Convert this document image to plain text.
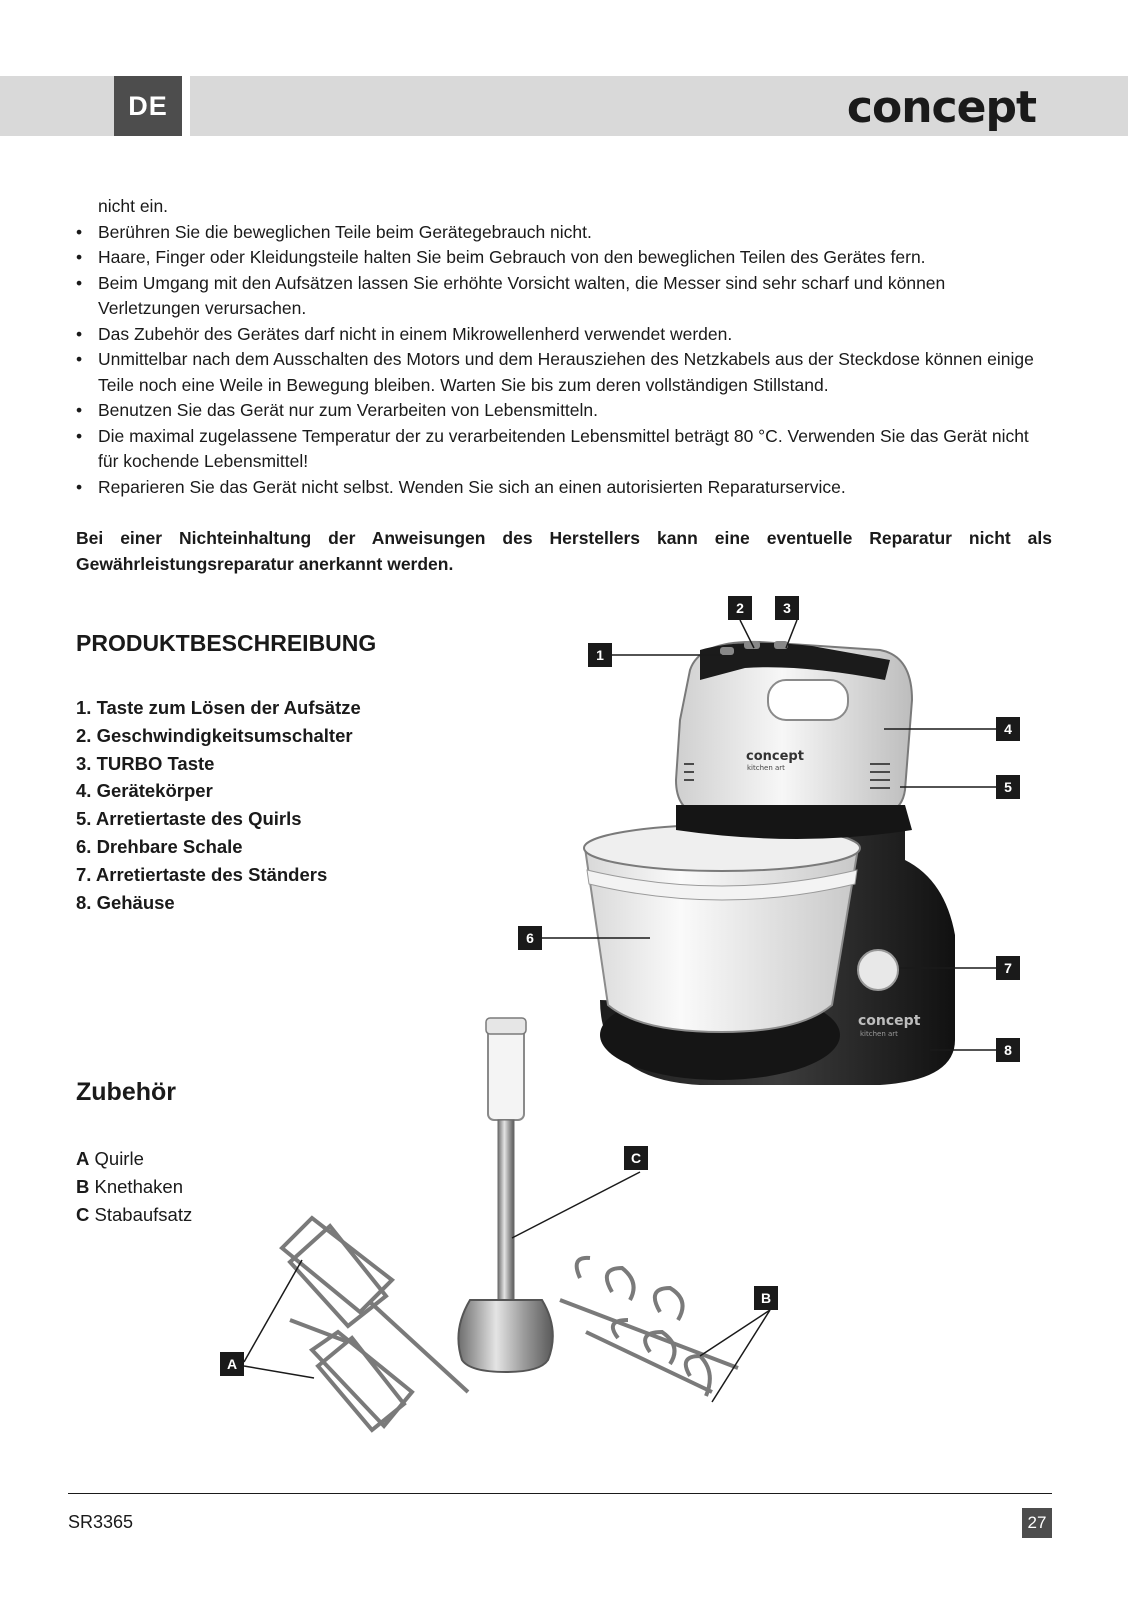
DE	concept
nicht ein.
• Berühren Sie die beweglichen Teile beim Gerätegebrauch nicht.
• Haare, Finger oder Kleidungsteile halten Sie beim Gebrauch von den beweglichen Teilen des Gerätes fern.
• Beim Umgang mit den Aufsätzen lassen Sie erhöhte Vorsicht walten, die Messer sind sehr scharf und können Verletzungen verursachen.
• Das Zubehör des Gerätes darf nicht in einem Mikrowellenherd verwendet werden.
• Unmittelbar nach dem Ausschalten des Motors und dem Herausziehen des Netzkabels aus der Steckdose können einige Teile noch eine Weile in Bewegung bleiben. Warten Sie bis zum deren vollständigen Stillstand.
• Benutzen Sie das Gerät nur zum Verarbeiten von Lebensmitteln.
• Die maximal zugelassene Temperatur der zu verarbeitenden Lebensmittel beträgt 80 °C. Verwenden Sie das Gerät nicht für kochende Lebensmittel!
• Reparieren Sie das Gerät nicht selbst. Wenden Sie sich an einen autorisierten Reparaturservice.
Bei einer Nichteinhaltung der Anweisungen des Herstellers kann eine eventuelle Reparatur nicht als Gewährleistungsreparatur anerkannt werden.
PRODUKTBESCHREIBUNG
1. Taste zum Lösen der Aufsätze
2. Geschwindigkeitsumschalter
3. TURBO Taste
4. Gerätekörper
5. Arretiertaste des Quirls
6. Drehbare Schale
7. Arretiertaste des Ständers
8. Gehäuse
Zubehör
A Quirle
B Knethaken
C Stabaufsatz
concept
kitchen art
concept
kitchen art
1
2	3
4
5
6
7
8
A
B
C
SR3365	27
